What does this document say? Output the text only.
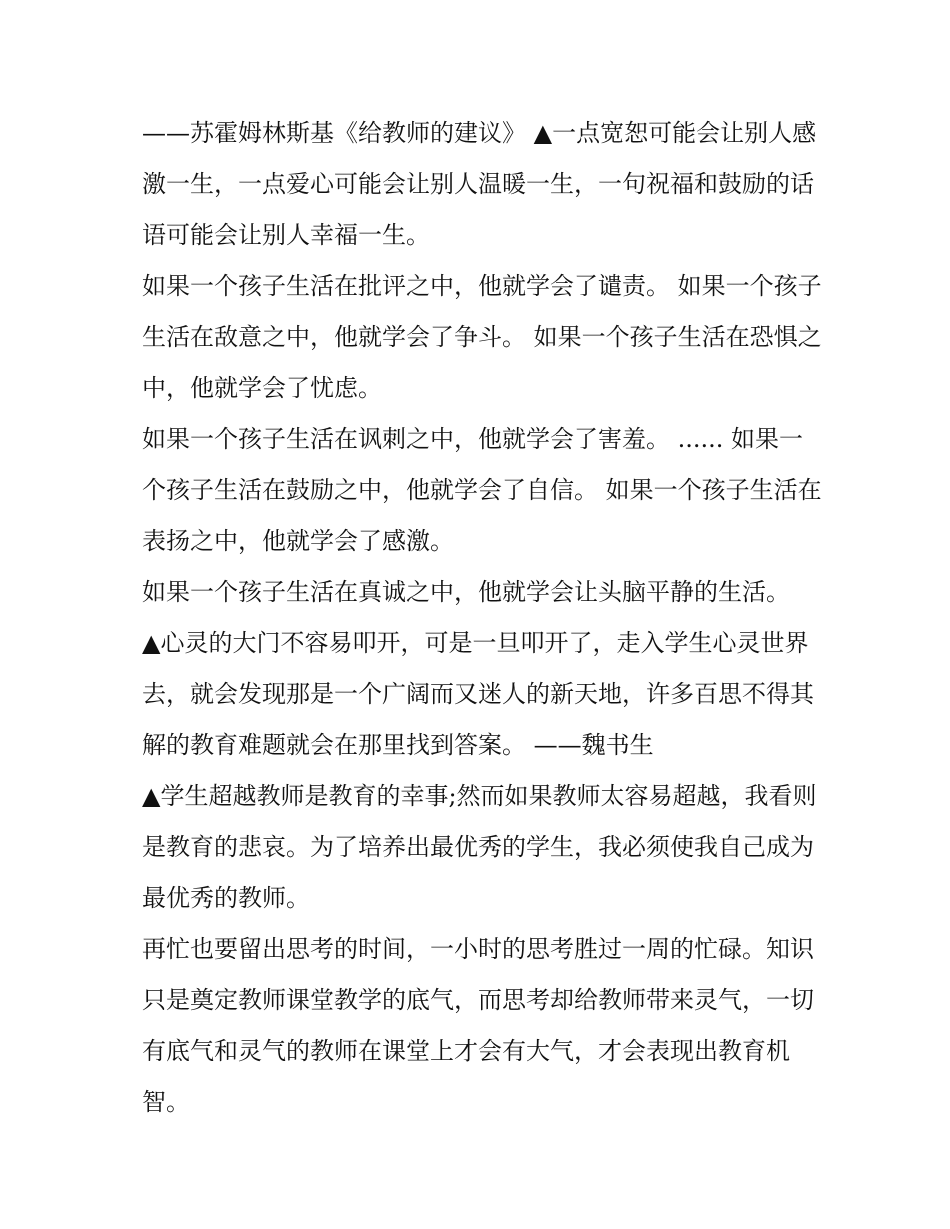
——苏霍姆林斯基《给教师的建议》 ▲一点宽恕可能会让别人感激一生，一点爱心可能会让别人温暖一生，一句祝福和鼓励的话语可能会让别人幸福一生。

如果一个孩子生活在批评之中，他就学会了谴责。 如果一个孩子生活在敌意之中，他就学会了争斗。 如果一个孩子生活在恐惧之中，他就学会了忧虑。

如果一个孩子生活在讽刺之中，他就学会了害羞。 ...... 如果一个孩子生活在鼓励之中，他就学会了自信。 如果一个孩子生活在表扬之中，他就学会了感激。

如果一个孩子生活在真诚之中，他就学会让头脑平静的生活。

▲心灵的大门不容易叩开，可是一旦叩开了，走入学生心灵世界去，就会发现那是一个广阔而又迷人的新天地，许多百思不得其解的教育难题就会在那里找到答案。 ——魏书生

▲学生超越教师是教育的幸事;然而如果教师太容易超越，我看则是教育的悲哀。为了培养出最优秀的学生，我必须使我自己成为最优秀的教师。

再忙也要留出思考的时间，一小时的思考胜过一周的忙碌。知识只是奠定教师课堂教学的底气，而思考却给教师带来灵气，一切有底气和灵气的教师在课堂上才会有大气，才会表现出教育机智。
